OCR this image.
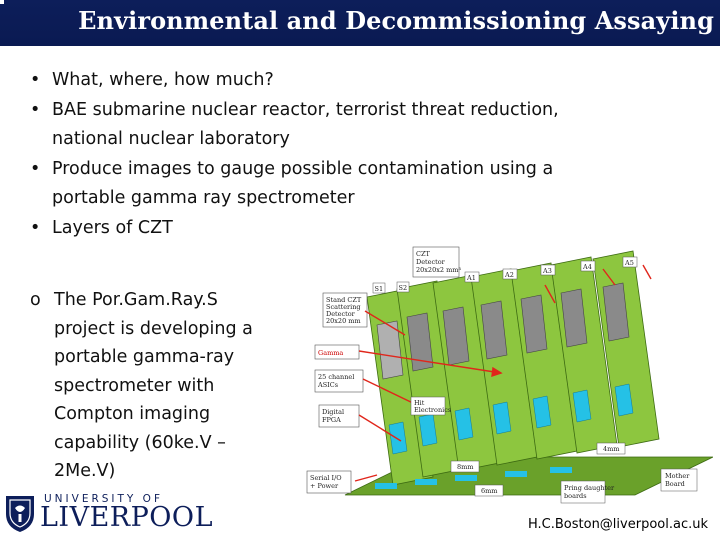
Environmental and Decommissioning Assaying
• What, where, how much?
• BAE submarine nuclear reactor, terrorist threat reduction,
national nuclear laboratory
• Produce images to gauge possible contamination using a
portable gamma ray spectrometer
• Layers of CZT
o The Por.Gam.Ray.S
project is developing a
portable gamma-ray
spectrometer with
Compton imaging
capability (60ke.V –
2Me.V)
Stand CZT
Scattering
Detector
20x20 mm
Gamma
25 channel
ASICs
Digital
FPGA
Serial I/O
+ Power
CZT
Detector
20x20x2 mm³
S1 S2
A1	A2	A3	A4	A5
Hit
Electronics
4mm
8mm
6mm	Pring daughter
boards
Mother
Board
UNIVERSITY OF
LIVERPOOL	H.C.Boston@liverpool.ac.uk
